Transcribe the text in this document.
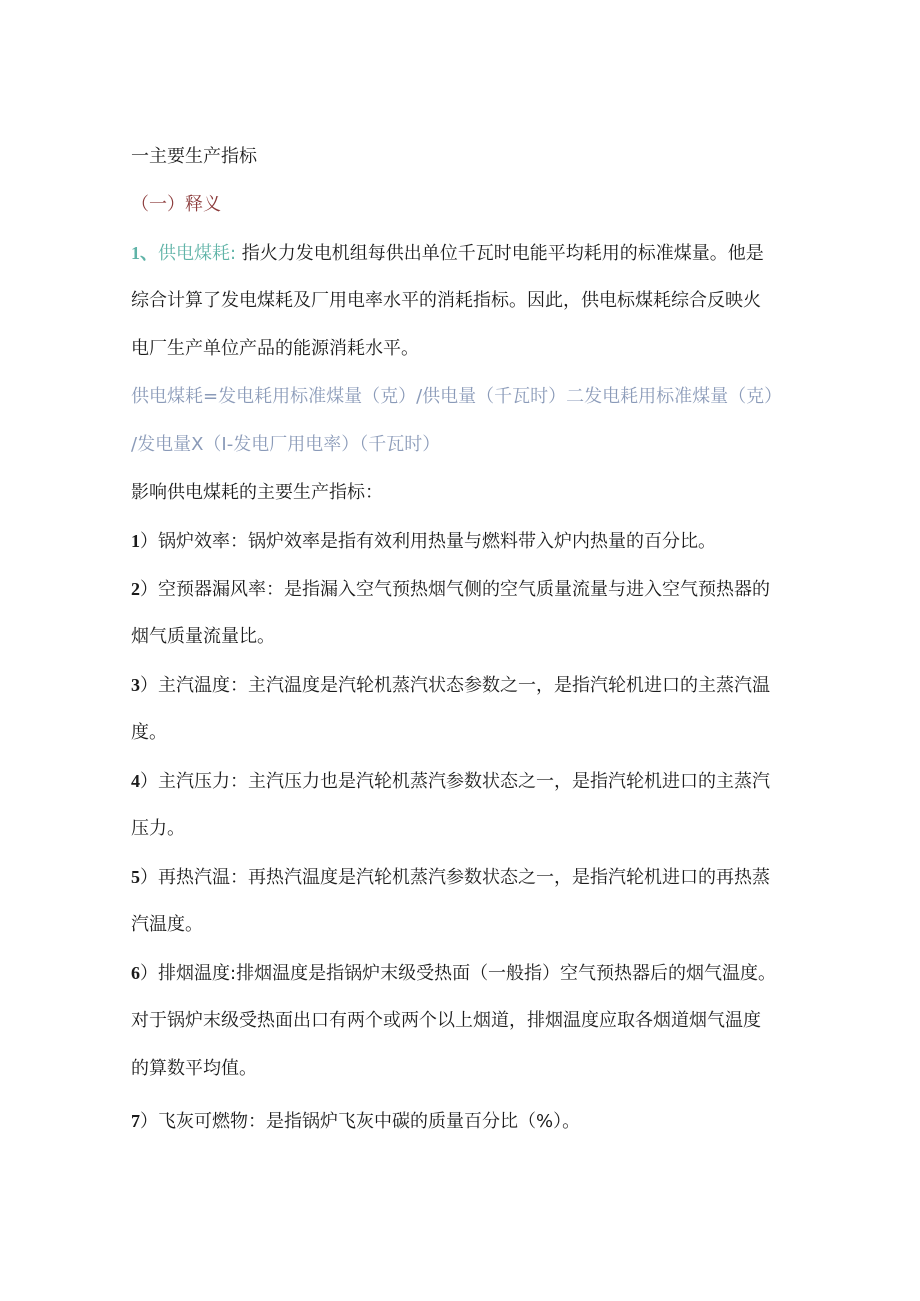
一主要生产指标
（一）释义
1、供电煤耗: 指火力发电机组每供出单位千瓦时电能平均耗用的标准煤量。他是
综合计算了发电煤耗及厂用电率水平的消耗指标。因此，供电标煤耗综合反映火
电厂生产单位产品的能源消耗水平。
供电煤耗=发电耗用标准煤量（克）/供电量（千瓦时）二发电耗用标准煤量（克）
/发电量X（I-发电厂用电率）（千瓦时）
影响供电煤耗的主要生产指标：
1）锅炉效率：锅炉效率是指有效利用热量与燃料带入炉内热量的百分比。
2）空预器漏风率：是指漏入空气预热烟气侧的空气质量流量与进入空气预热器的
烟气质量流量比。
3）主汽温度：主汽温度是汽轮机蒸汽状态参数之一，是指汽轮机进口的主蒸汽温
度。
4）主汽压力：主汽压力也是汽轮机蒸汽参数状态之一，是指汽轮机进口的主蒸汽
压力。
5）再热汽温：再热汽温度是汽轮机蒸汽参数状态之一，是指汽轮机进口的再热蒸
汽温度。
6）排烟温度:排烟温度是指锅炉末级受热面（一般指）空气预热器后的烟气温度。
对于锅炉末级受热面出口有两个或两个以上烟道，排烟温度应取各烟道烟气温度
的算数平均值。
7）飞灰可燃物：是指锅炉飞灰中碳的质量百分比（%）。
